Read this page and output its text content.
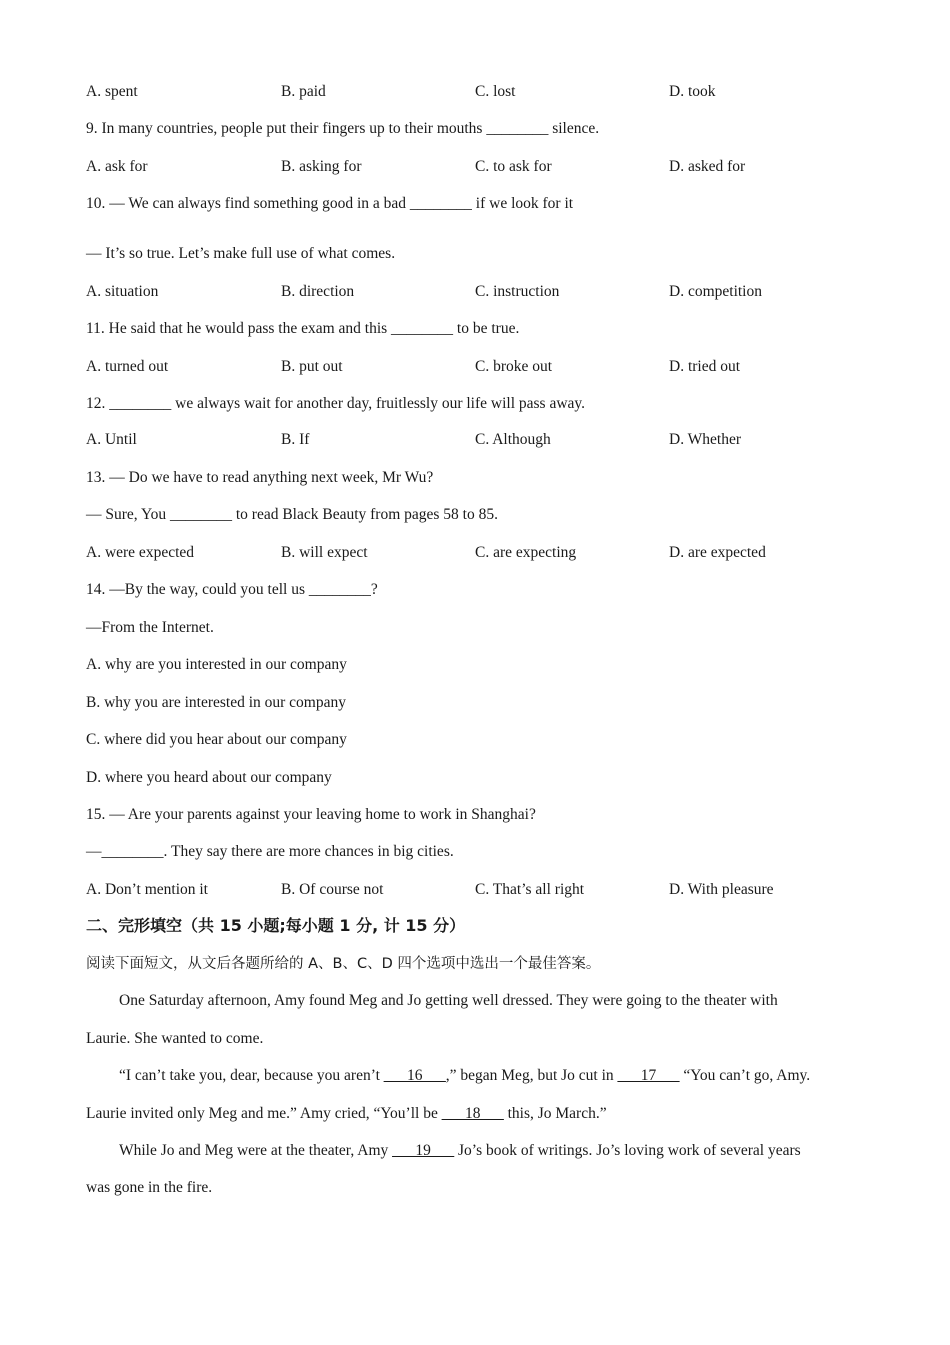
A. spent	B. paid	C. lost	D. took
9. In many countries, people put their fingers up to their mouths ________ silence.
A. ask for	B. asking for	C. to ask for	D. asked for
10. — We can always find something good in a bad ________ if we look for it
— It’s so true. Let’s make full use of what comes.
A. situation	B. direction	C. instruction	D. competition
11. He said that he would pass the exam and this ________ to be true.
A. turned out	B. put out	C. broke out	D. tried out
12. ________ we always wait for another day, fruitlessly our life will pass away.
A. Until	B. If	C. Although	D. Whether
13. — Do we have to read anything next week, Mr Wu?
— Sure, You ________ to read Black Beauty from pages 58 to 85.
A. were expected	B. will expect	C. are expecting	D. are expected
14. —By the way, could you tell us ________?
—From the Internet.
A. why are you interested in our company
B. why you are interested in our company
C. where did you hear about our company
D. where you heard about our company
15. — Are your parents against your leaving home to work in Shanghai?
—________. They say there are more chances in big cities.
A. Don’t mention it	B. Of course not	C. That’s all right	D. With pleasure
二、完形填空（共 15 小题;每小题 1 分, 计 15 分）
阅读下面短文，从文后各题所给的 A、B、C、D 四个选项中选出一个最佳答案。
One Saturday afternoon, Amy found Meg and Jo getting well dressed. They were going to the theater with
Laurie. She wanted to come.
“I can’t take you, dear, because you aren’t ___16___,” began Meg, but Jo cut in ___17___ “You can’t go, Amy.
Laurie invited only Meg and me.” Amy cried, “You’ll be ___18___ this, Jo March.”
While Jo and Meg were at the theater, Amy ___19___ Jo’s book of writings. Jo’s loving work of several years
was gone in the fire.
